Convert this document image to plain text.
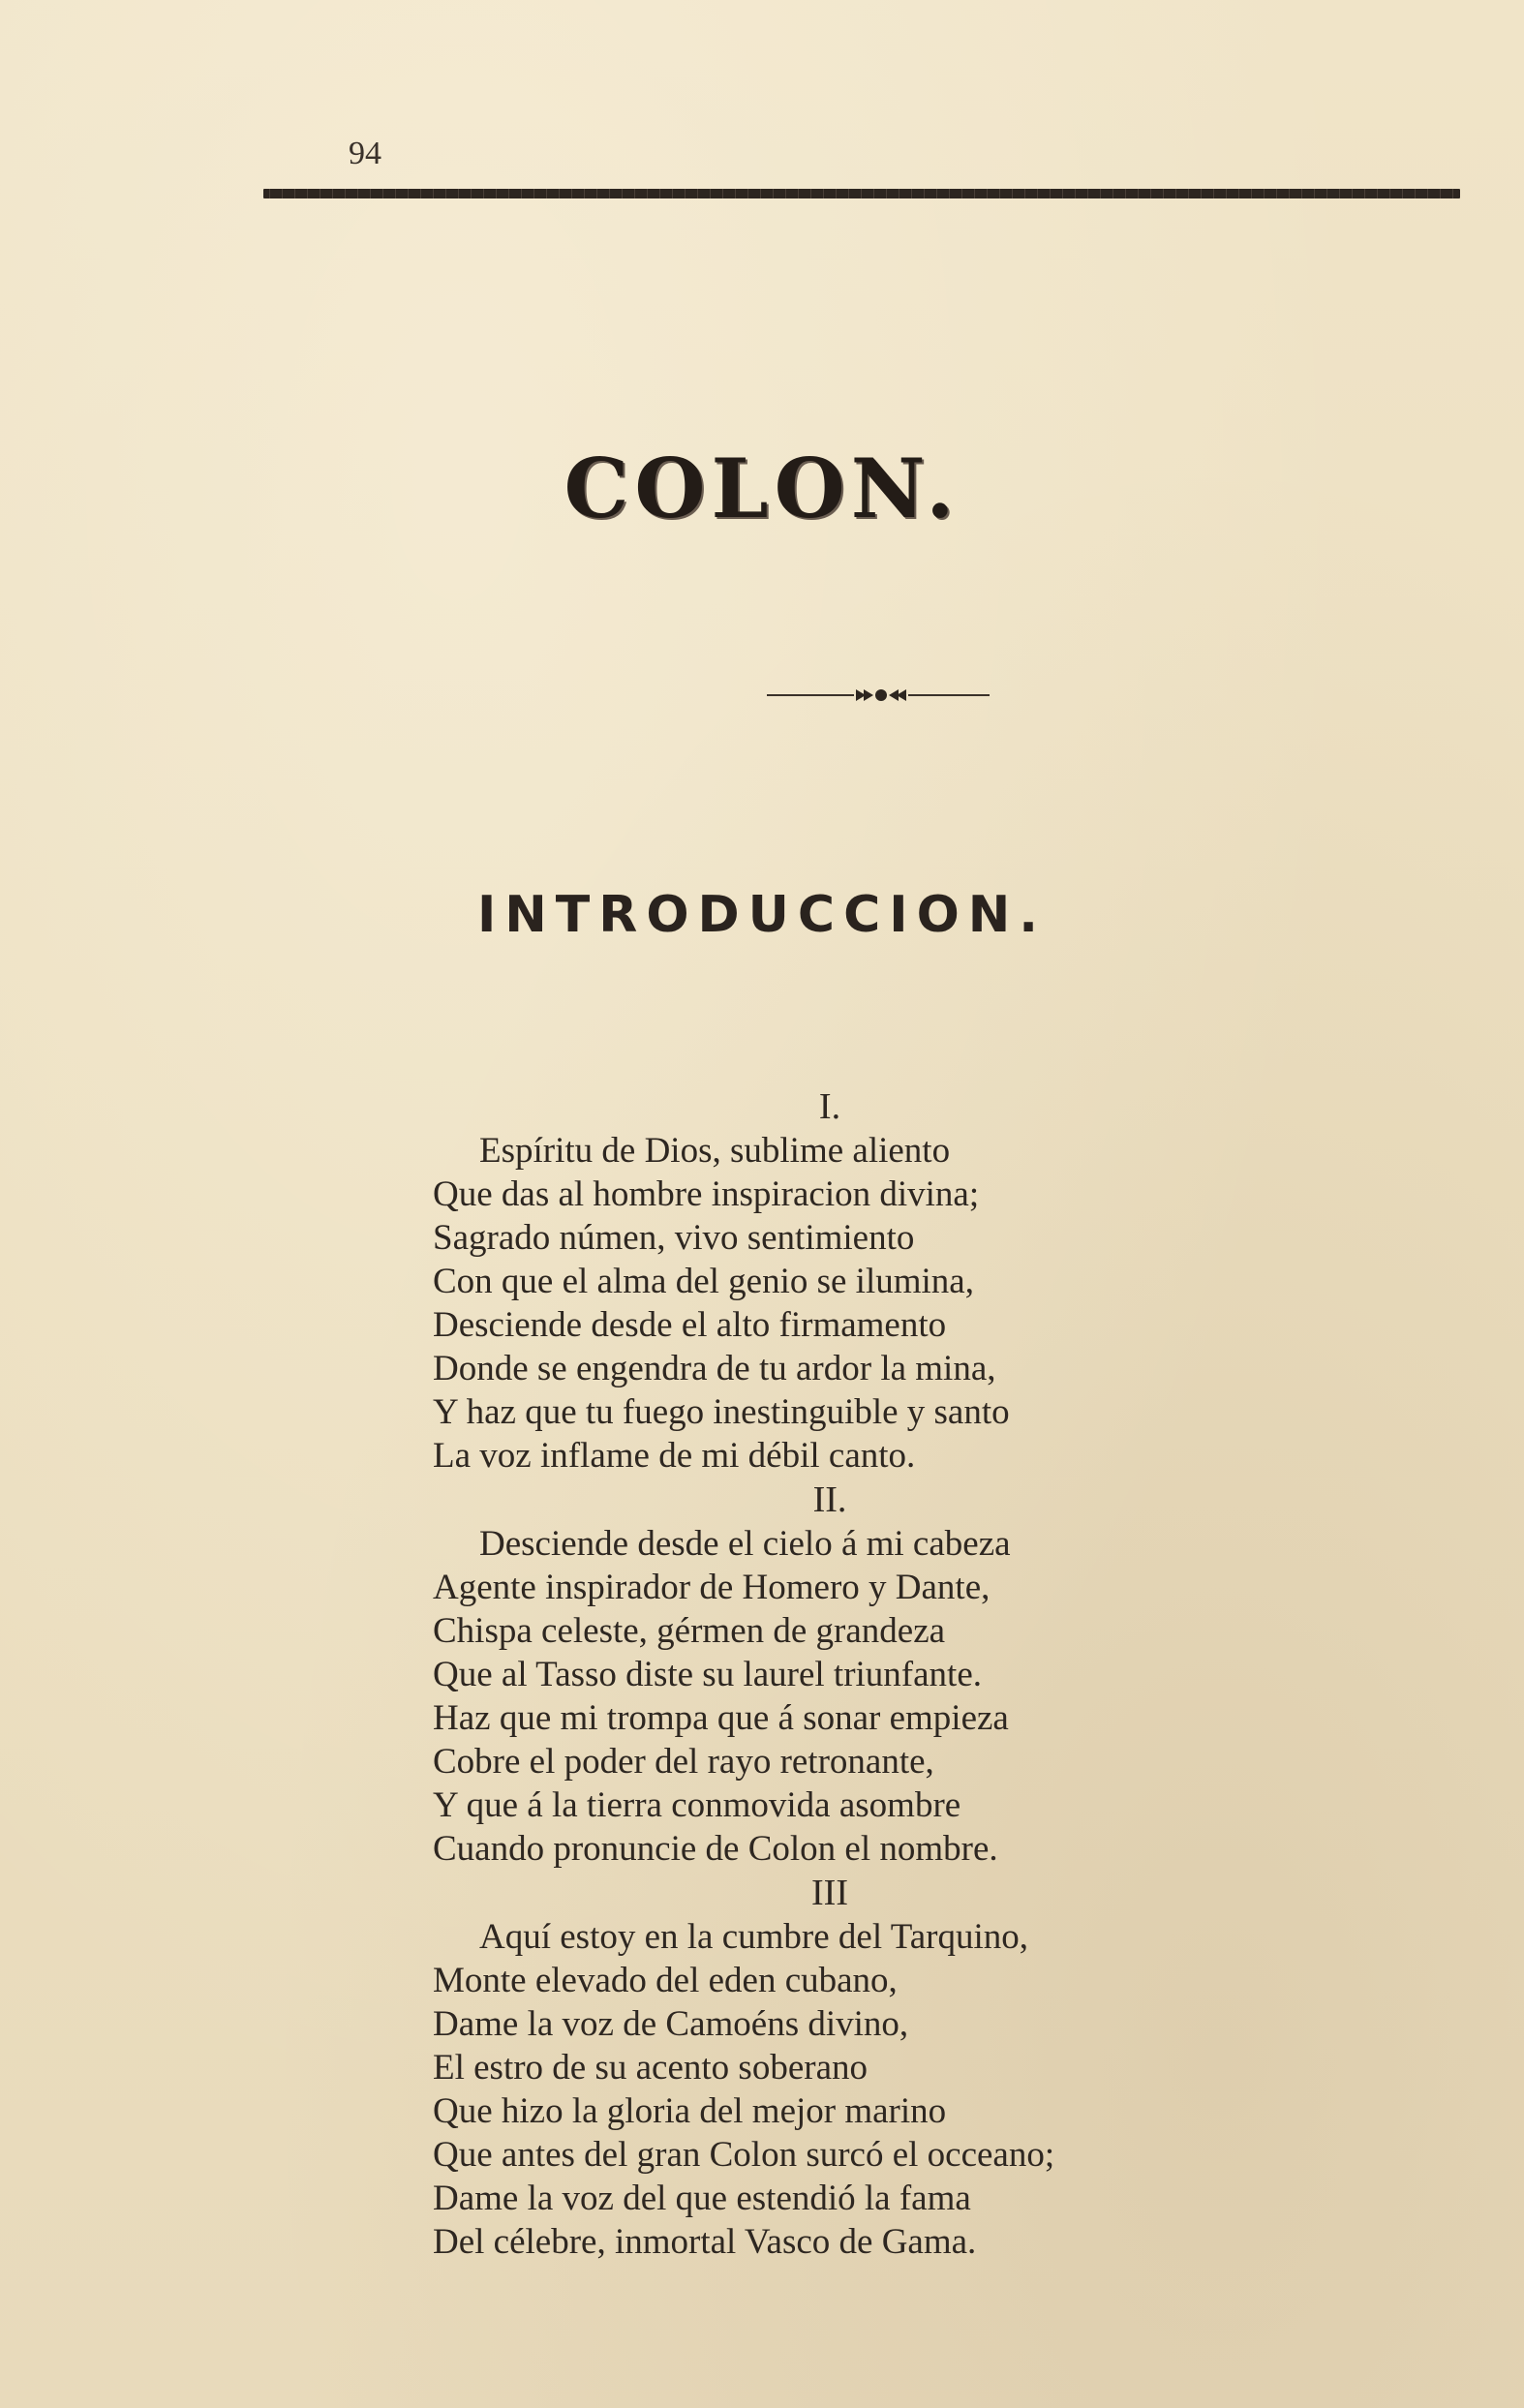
94
COLON.
INTRODUCCION.
I.
Espíritu de Dios, sublime aliento
Que das al hombre inspiracion divina;
Sagrado númen, vivo sentimiento
Con que el alma del genio se ilumina,
Desciende desde el alto firmamento
Donde se engendra de tu ardor la mina,
Y haz que tu fuego inestinguible y santo
La voz inflame de mi débil canto.
II.
Desciende desde el cielo á mi cabeza
Agente inspirador de Homero y Dante,
Chispa celeste, gérmen de grandeza
Que al Tasso diste su laurel triunfante.
Haz que mi trompa que á sonar empieza
Cobre el poder del rayo retronante,
Y que á la tierra conmovida asombre
Cuando pronuncie de Colon el nombre.
III
Aquí estoy en la cumbre del Tarquino,
Monte elevado del eden cubano,
Dame la voz de Camoéns divino,
El estro de su acento soberano
Que hizo la gloria del mejor marino
Que antes del gran Colon surcó el occeano;
Dame la voz del que estendió la fama
Del célebre, inmortal Vasco de Gama.
